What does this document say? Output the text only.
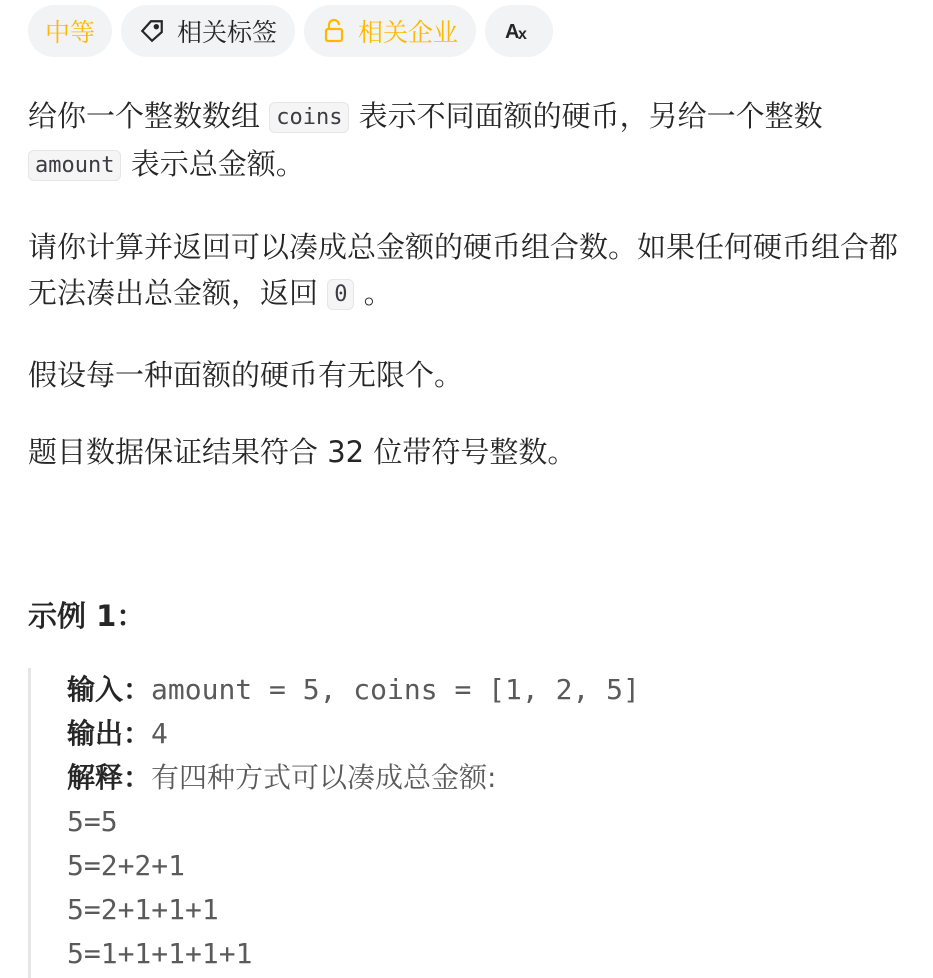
中等	相关标签	相关企业 A
x
给你一个整数数组 coins 表示不同面额的硬币，另给一个整数
amount 表示总金额。
请你计算并返回可以凑成总金额的硬币组合数。如果任何硬币组合都无法凑出总金额，返回 0 。
假设每一种面额的硬币有无限个。
题目数据保证结果符合 32 位带符号整数。
示例 1：
输入：amount = 5, coins = [1, 2, 5]
输出：4
解释：有四种方式可以凑成总金额:
5=5
5=2+2+1
5=2+1+1+1
5=1+1+1+1+1
